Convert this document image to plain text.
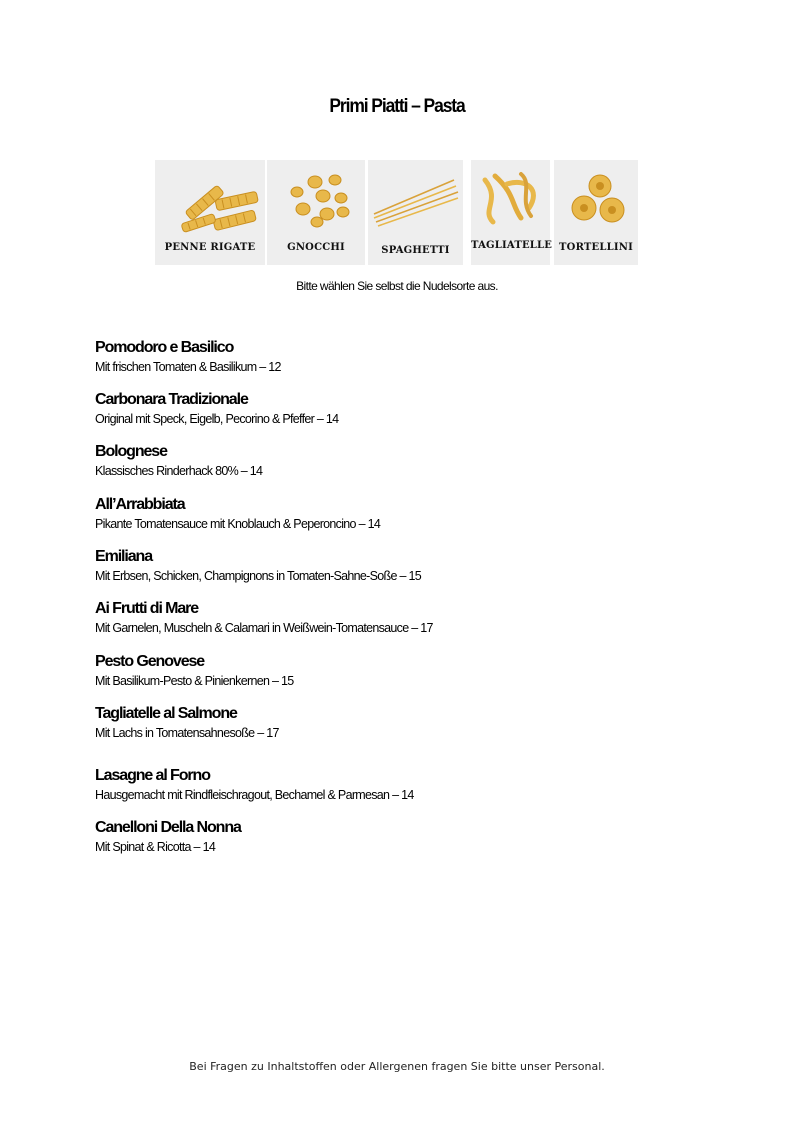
Primi Piatti – Pasta
PENNE RIGATE	GNOCCHI	SPAGHETTI	TAGLIATELLE TORTELLINI
Bitte wählen Sie selbst die Nudelsorte aus.
Pomodoro e Basilico
Mit frischen Tomaten & Basilikum – 12
Carbonara Tradizionale
Original mit Speck, Eigelb, Pecorino & Pfeffer – 14
Bolognese
Klassisches Rinderhack 80% – 14
All’Arrabbiata
Pikante Tomatensauce mit Knoblauch & Peperoncino – 14
Emiliana
Mit Erbsen, Schicken, Champignons in Tomaten-Sahne-Soße – 15
Ai Frutti di Mare
Mit Garnelen, Muscheln & Calamari in Weißwein-Tomatensauce – 17
Pesto Genovese
Mit Basilikum-Pesto & Pinienkernen – 15
Tagliatelle al Salmone
Mit Lachs in Tomatensahnesoße – 17
Lasagne al Forno
Hausgemacht mit Rindfleischragout, Bechamel & Parmesan – 14
Canelloni Della Nonna
Mit Spinat & Ricotta – 14
Bei Fragen zu Inhaltstoffen oder Allergenen fragen Sie bitte unser Personal.
